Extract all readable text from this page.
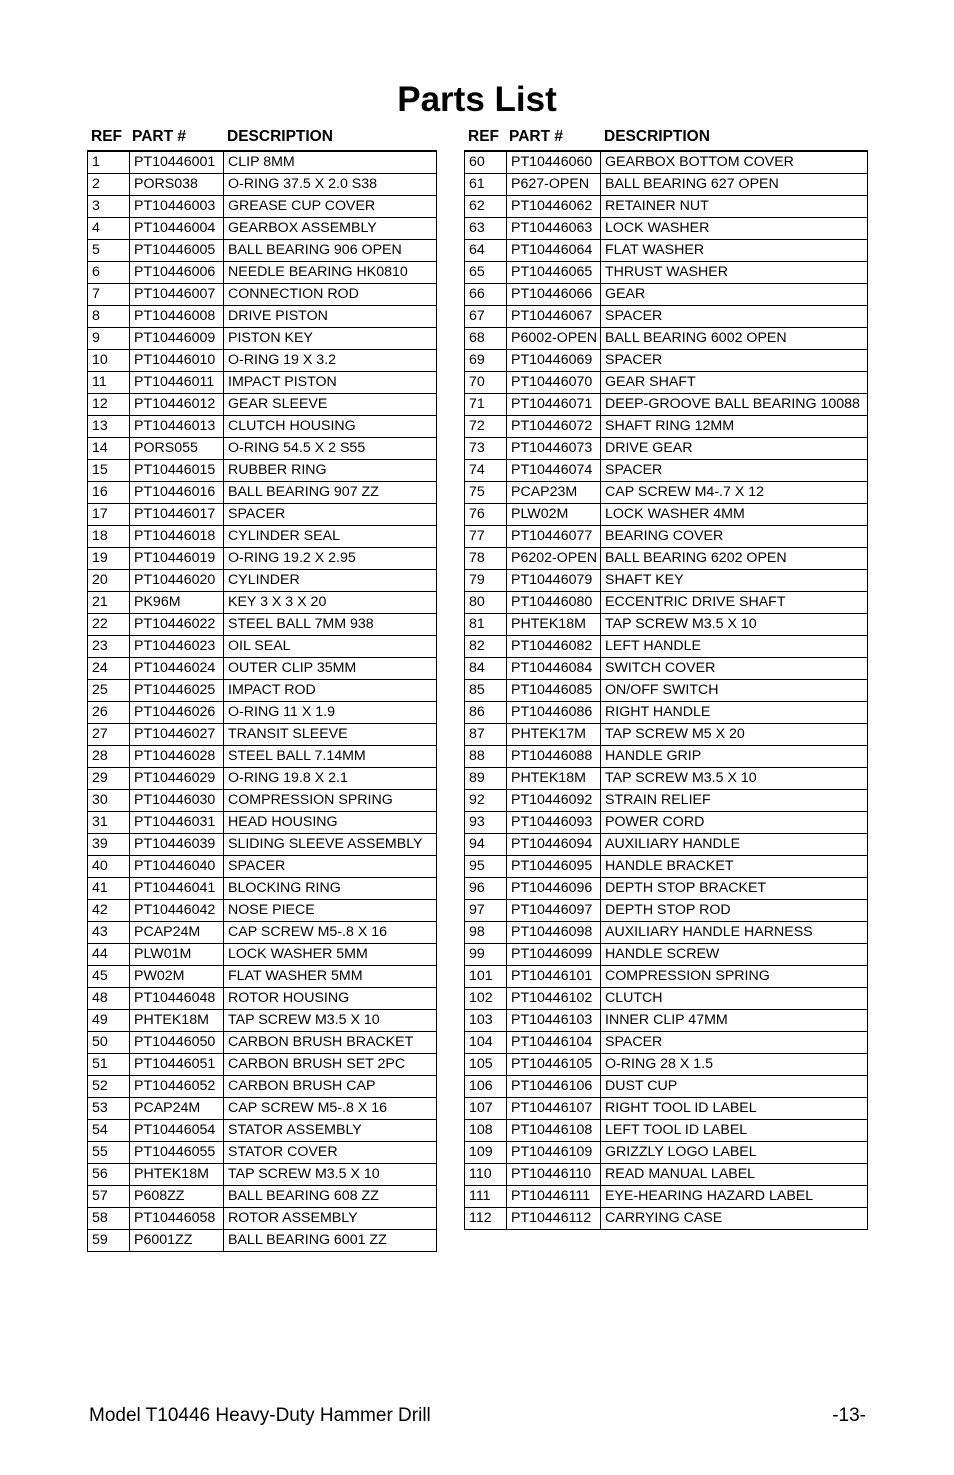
Parts List
REF PART #	DESCRIPTION	REF PART #	DESCRIPTION
1	PT10446001	CLIP 8MM
2	PORS038	O-RING 37.5 X 2.0 S38
3	PT10446003	GREASE CUP COVER
4	PT10446004	GEARBOX ASSEMBLY
5	PT10446005	BALL BEARING 906 OPEN
6	PT10446006	NEEDLE BEARING HK0810
7	PT10446007	CONNECTION ROD
8	PT10446008	DRIVE PISTON
9	PT10446009	PISTON KEY
10	PT10446010	O-RING 19 X 3.2
11	PT10446011	IMPACT PISTON
12	PT10446012	GEAR SLEEVE
13	PT10446013	CLUTCH HOUSING
14	PORS055	O-RING 54.5 X 2 S55
15	PT10446015	RUBBER RING
16	PT10446016	BALL BEARING 907 ZZ
17	PT10446017	SPACER
18	PT10446018	CYLINDER SEAL
19	PT10446019	O-RING 19.2 X 2.95
20	PT10446020	CYLINDER
21	PK96M	KEY 3 X 3 X 20
22	PT10446022	STEEL BALL 7MM 938
23	PT10446023	OIL SEAL
24	PT10446024	OUTER CLIP 35MM
25	PT10446025	IMPACT ROD
26	PT10446026	O-RING 11 X 1.9
27	PT10446027	TRANSIT SLEEVE
28	PT10446028	STEEL BALL 7.14MM
29	PT10446029	O-RING 19.8 X 2.1
30	PT10446030	COMPRESSION SPRING
31	PT10446031	HEAD HOUSING
39	PT10446039	SLIDING SLEEVE ASSEMBLY
40	PT10446040	SPACER
41	PT10446041	BLOCKING RING
42	PT10446042	NOSE PIECE
43	PCAP24M	CAP SCREW M5-.8 X 16
44	PLW01M	LOCK WASHER 5MM
45	PW02M	FLAT WASHER 5MM
48	PT10446048	ROTOR HOUSING
49	PHTEK18M	TAP SCREW M3.5 X 10
50	PT10446050	CARBON BRUSH BRACKET
51	PT10446051	CARBON BRUSH SET 2PC
52	PT10446052	CARBON BRUSH CAP
53	PCAP24M	CAP SCREW M5-.8 X 16
54	PT10446054	STATOR ASSEMBLY
55	PT10446055	STATOR COVER
56	PHTEK18M	TAP SCREW M3.5 X 10
57	P608ZZ	BALL BEARING 608 ZZ
58	PT10446058	ROTOR ASSEMBLY
59	P6001ZZ	BALL BEARING 6001 ZZ
60	PT10446060	GEARBOX BOTTOM COVER
61	P627-OPEN	BALL BEARING 627 OPEN
62	PT10446062	RETAINER NUT
63	PT10446063	LOCK WASHER
64	PT10446064	FLAT WASHER
65	PT10446065	THRUST WASHER
66	PT10446066	GEAR
67	PT10446067	SPACER
68	P6002-OPEN	BALL BEARING 6002 OPEN
69	PT10446069	SPACER
70	PT10446070	GEAR SHAFT
71	PT10446071	DEEP-GROOVE BALL BEARING 10088
72	PT10446072	SHAFT RING 12MM
73	PT10446073	DRIVE GEAR
74	PT10446074	SPACER
75	PCAP23M	CAP SCREW M4-.7 X 12
76	PLW02M	LOCK WASHER 4MM
77	PT10446077	BEARING COVER
78	P6202-OPEN	BALL BEARING 6202 OPEN
79	PT10446079	SHAFT KEY
80	PT10446080	ECCENTRIC DRIVE SHAFT
81	PHTEK18M	TAP SCREW M3.5 X 10
82	PT10446082	LEFT HANDLE
84	PT10446084	SWITCH COVER
85	PT10446085	ON/OFF SWITCH
86	PT10446086	RIGHT HANDLE
87	PHTEK17M	TAP SCREW M5 X 20
88	PT10446088	HANDLE GRIP
89	PHTEK18M	TAP SCREW M3.5 X 10
92	PT10446092	STRAIN RELIEF
93	PT10446093	POWER CORD
94	PT10446094	AUXILIARY HANDLE
95	PT10446095	HANDLE BRACKET
96	PT10446096	DEPTH STOP BRACKET
97	PT10446097	DEPTH STOP ROD
98	PT10446098	AUXILIARY HANDLE HARNESS
99	PT10446099	HANDLE SCREW
101	PT10446101	COMPRESSION SPRING
102	PT10446102	CLUTCH
103	PT10446103	INNER CLIP 47MM
104	PT10446104	SPACER
105	PT10446105	O-RING 28 X 1.5
106	PT10446106	DUST CUP
107	PT10446107	RIGHT TOOL ID LABEL
108	PT10446108	LEFT TOOL ID LABEL
109	PT10446109	GRIZZLY LOGO LABEL
110	PT10446110	READ MANUAL LABEL
111	PT10446111	EYE-HEARING HAZARD LABEL
112	PT10446112	CARRYING CASE
Model T10446 Heavy-Duty Hammer Drill	-13-
